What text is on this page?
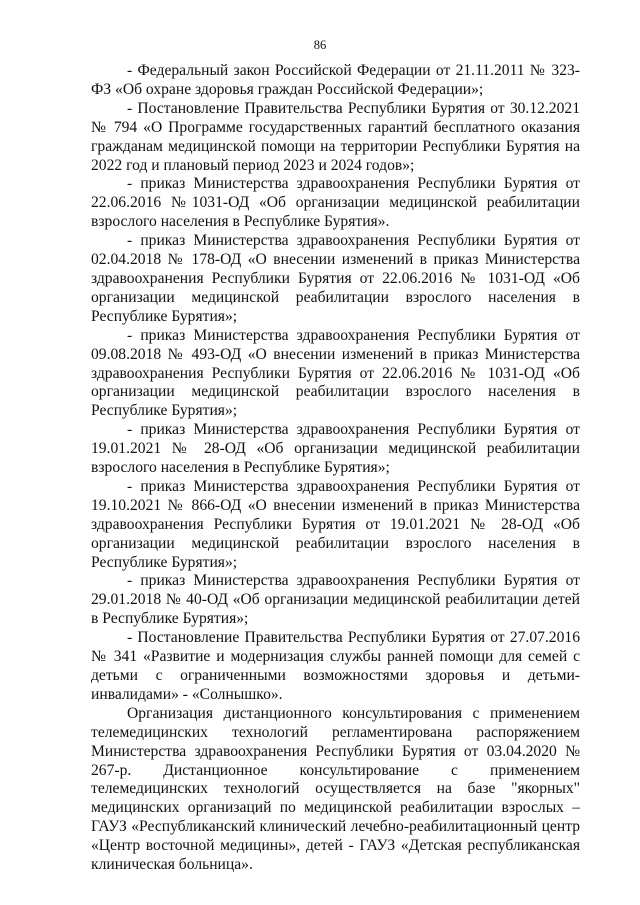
86

- Федеральный закон Российской Федерации от 21.11.2011 № 323-ФЗ «Об охране здоровья граждан Российской Федерации»;

- Постановление Правительства Республики Бурятия от 30.12.2021 № 794 «О Программе государственных гарантий бесплатного оказания гражданам медицинской помощи на территории Республики Бурятия на 2022 год и плановый период 2023 и 2024 годов»;

- приказ Министерства здравоохранения Республики Бурятия от 22.06.2016 №1031-ОД «Об организации медицинской реабилитации взрослого населения в Республике Бурятия».

- приказ Министерства здравоохранения Республики Бурятия от 02.04.2018 № 178-ОД «О внесении изменений в приказ Министерства здравоохранения Республики Бурятия от 22.06.2016 № 1031-ОД «Об организации медицинской реабилитации взрослого населения в Республике Бурятия»;

- приказ Министерства здравоохранения Республики Бурятия от 09.08.2018 № 493-ОД «О внесении изменений в приказ Министерства здравоохранения Республики Бурятия от 22.06.2016 № 1031-ОД «Об организации медицинской реабилитации взрослого населения в Республике Бурятия»;

- приказ Министерства здравоохранения Республики Бурятия от 19.01.2021 № 28-ОД «Об организации медицинской реабилитации взрослого населения в Республике Бурятия»;

- приказ Министерства здравоохранения Республики Бурятия от 19.10.2021 № 866-ОД «О внесении изменений в приказ Министерства здравоохранения Республики Бурятия от 19.01.2021 № 28-ОД «Об организации медицинской реабилитации взрослого населения в Республике Бурятия»;

- приказ Министерства здравоохранения Республики Бурятия от 29.01.2018 № 40-ОД «Об организации медицинской реабилитации детей в Республике Бурятия»;

- Постановление Правительства Республики Бурятия от 27.07.2016 № 341 «Развитие и модернизация службы ранней помощи для семей с детьми с ограниченными возможностями здоровья и детьми-инвалидами» - «Солнышко».

Организация дистанционного консультирования с применением телемедицинских технологий регламентирована распоряжением Министерства здравоохранения Республики Бурятия от 03.04.2020 № 267-р. Дистанционное консультирование с применением телемедицинских технологий осуществляется на базе "якорных" медицинских организаций по медицинской реабилитации взрослых – ГАУЗ «Республиканский клинический лечебно-реабилитационный центр «Центр восточной медицины», детей - ГАУЗ «Детская республиканская клиническая больница».
